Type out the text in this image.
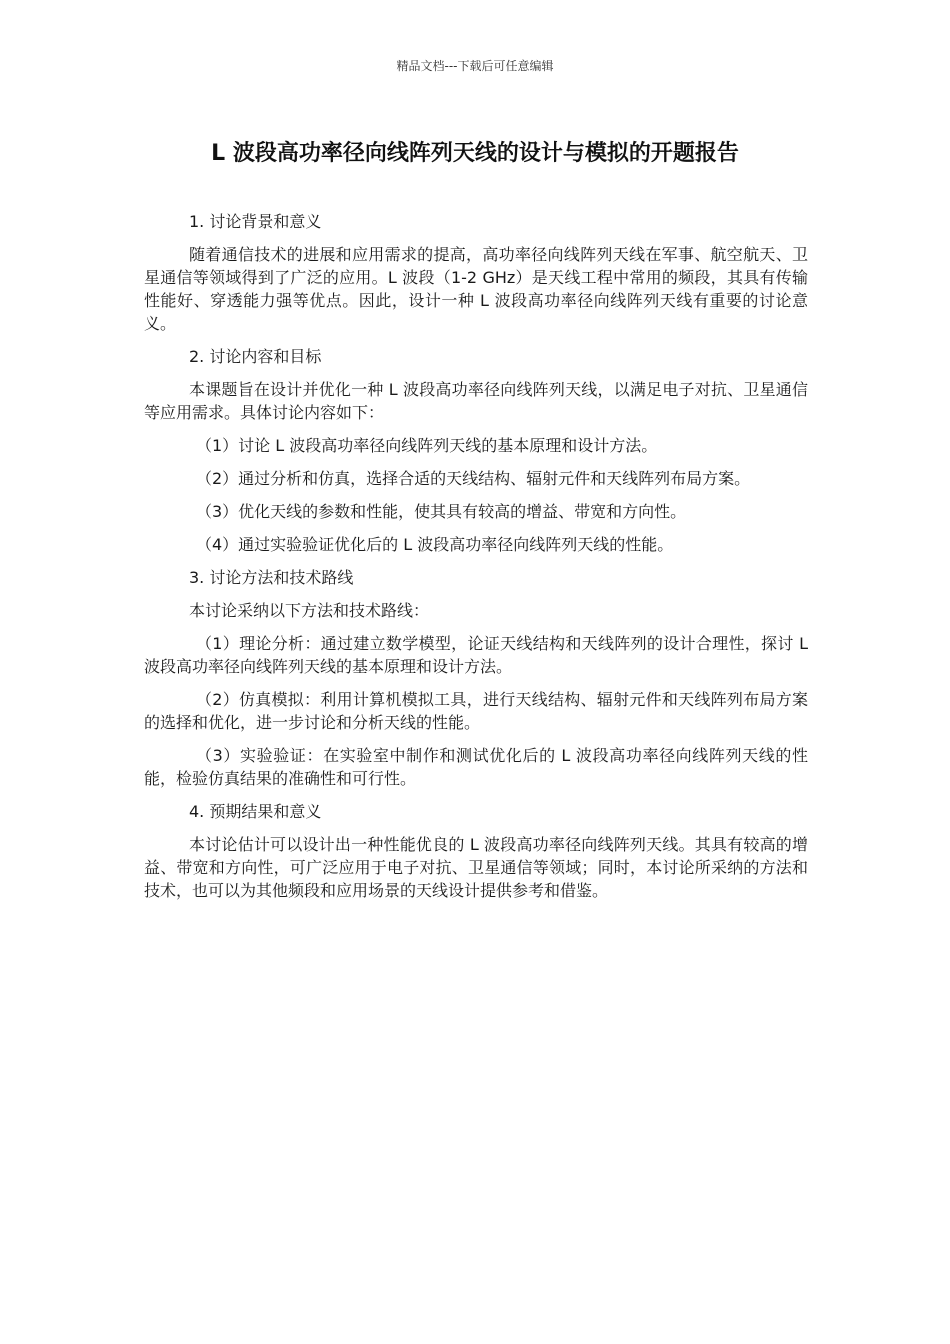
精品文档---下载后可任意编辑
L 波段高功率径向线阵列天线的设计与模拟的开题报告

1. 讨论背景和意义

随着通信技术的进展和应用需求的提高，高功率径向线阵列天线在军事、航空航天、卫星通信等领域得到了广泛的应用。L 波段（1-2 GHz）是天线工程中常用的频段，其具有传输性能好、穿透能力强等优点。因此，设计一种 L 波段高功率径向线阵列天线有重要的讨论意义。

2. 讨论内容和目标

本课题旨在设计并优化一种 L 波段高功率径向线阵列天线，以满足电子对抗、卫星通信等应用需求。具体讨论内容如下：

（1）讨论 L 波段高功率径向线阵列天线的基本原理和设计方法。

（2）通过分析和仿真，选择合适的天线结构、辐射元件和天线阵列布局方案。

（3）优化天线的参数和性能，使其具有较高的增益、带宽和方向性。

（4）通过实验验证优化后的 L 波段高功率径向线阵列天线的性能。

3. 讨论方法和技术路线

本讨论采纳以下方法和技术路线：

（1）理论分析：通过建立数学模型，论证天线结构和天线阵列的设计合理性，探讨 L 波段高功率径向线阵列天线的基本原理和设计方法。

（2）仿真模拟：利用计算机模拟工具，进行天线结构、辐射元件和天线阵列布局方案的选择和优化，进一步讨论和分析天线的性能。

（3）实验验证：在实验室中制作和测试优化后的 L 波段高功率径向线阵列天线的性能，检验仿真结果的准确性和可行性。

4. 预期结果和意义

本讨论估计可以设计出一种性能优良的 L 波段高功率径向线阵列天线。其具有较高的增益、带宽和方向性，可广泛应用于电子对抗、卫星通信等领域；同时，本讨论所采纳的方法和技术，也可以为其他频段和应用场景的天线设计提供参考和借鉴。
